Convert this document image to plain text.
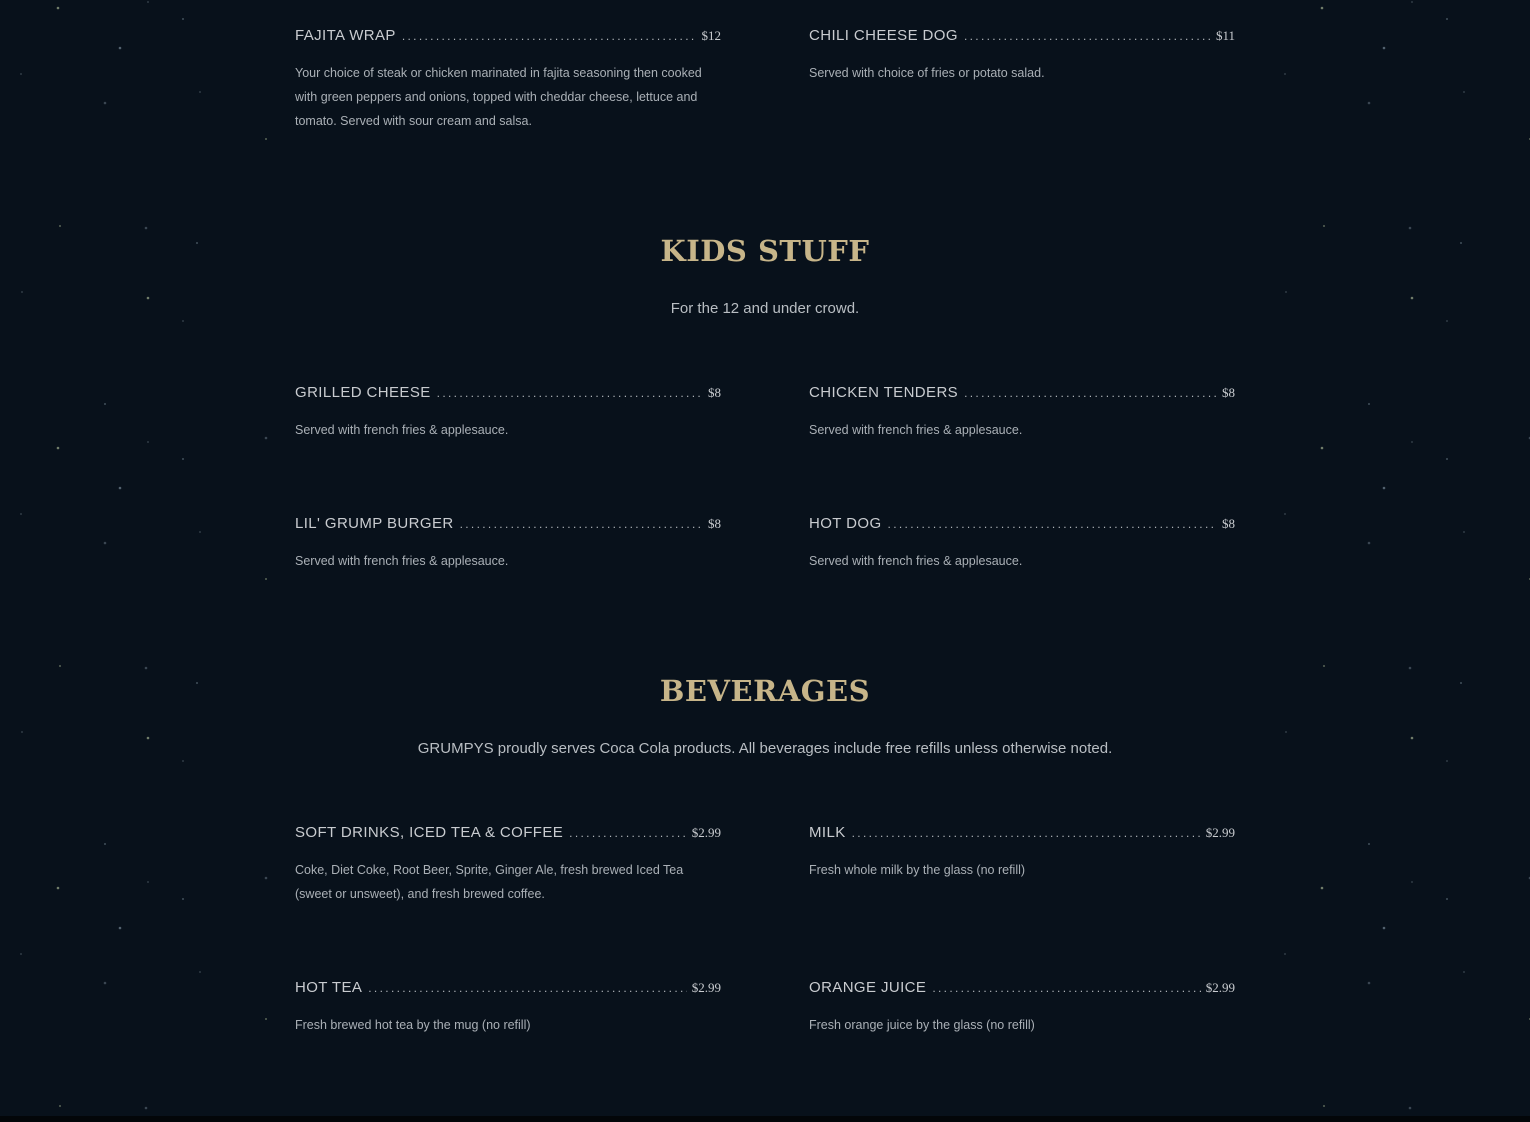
FAJITA WRAP . . .	$12
Your choice of steak or chicken marinated in fajita seasoning then cooked with green peppers and onions, topped with cheddar cheese, lettuce and tomato. Served with sour cream and salsa.
CHILI CHEESE DOG . . .	$11
Served with choice of fries or potato salad.
KIDS STUFF
For the 12 and under crowd.
GRILLED CHEESE . . .	$8
Served with french fries & applesauce.
CHICKEN TENDERS . . .	$8
Served with french fries & applesauce.
LIL' GRUMP BURGER . . .	$8
Served with french fries & applesauce.
HOT DOG . . .	$8
Served with french fries & applesauce.
BEVERAGES
GRUMPYS proudly serves Coca Cola products. All beverages include free refills unless otherwise noted.
SOFT DRINKS, ICED TEA & COFFEE . . .	$2.99
Coke, Diet Coke, Root Beer, Sprite, Ginger Ale, fresh brewed Iced Tea (sweet or unsweet), and fresh brewed coffee.
MILK . . .	$2.99
Fresh whole milk by the glass (no refill)
HOT TEA . . .	$2.99
Fresh brewed hot tea by the mug (no refill)
ORANGE JUICE . . .	$2.99
Fresh orange juice by the glass (no refill)
